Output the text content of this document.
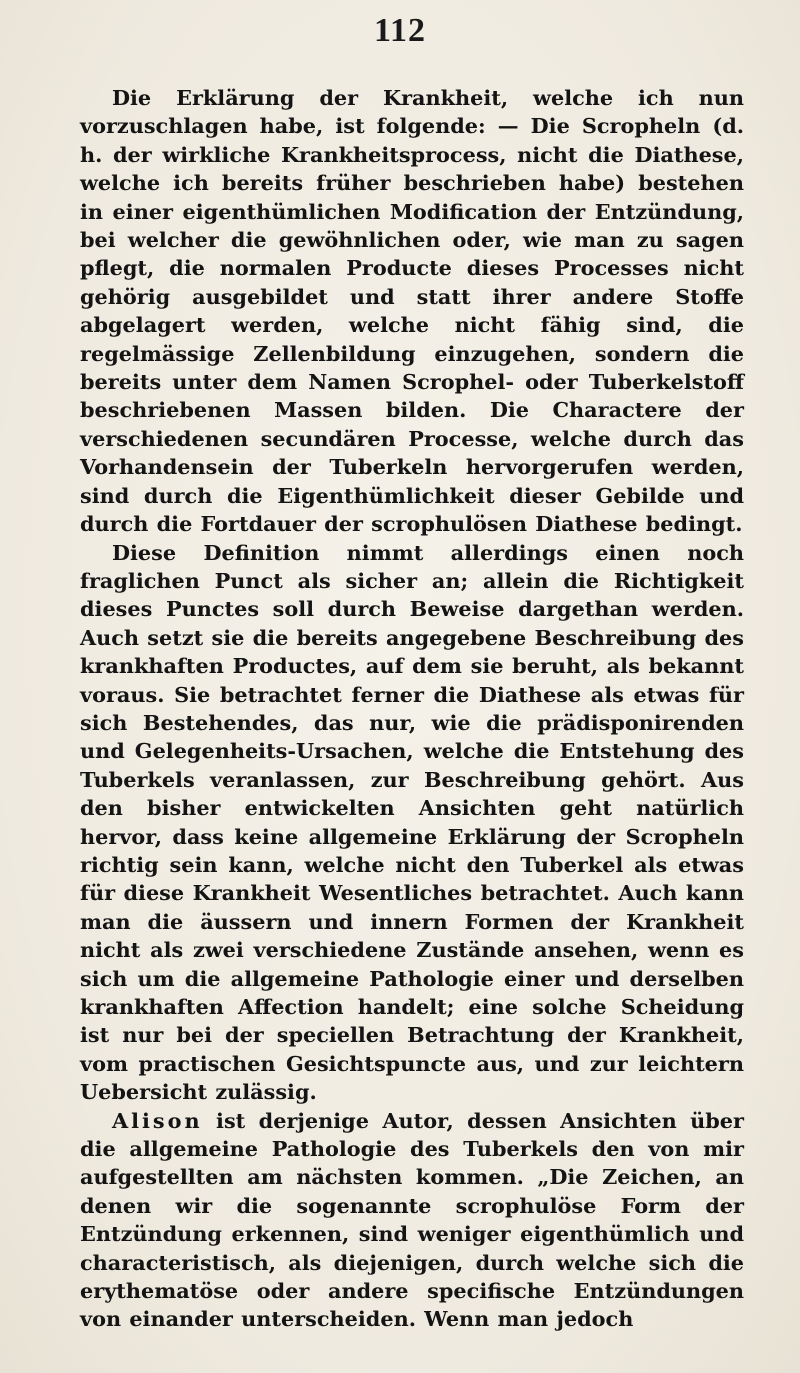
112

Die Erklärung der Krankheit, welche ich nun vorzuschlagen habe, ist folgende: — Die Scropheln (d. h. der wirkliche Krankheitsprocess, nicht die Diathese, welche ich bereits früher beschrieben habe) bestehen in einer eigenthümlichen Modification der Entzündung, bei welcher die gewöhnlichen oder, wie man zu sagen pflegt, die normalen Producte dieses Processes nicht gehörig ausgebildet und statt ihrer andere Stoffe abgelagert werden, welche nicht fähig sind, die regelmässige Zellenbildung einzugehen, sondern die bereits unter dem Namen Scrophel- oder Tuberkelstoff beschriebenen Massen bilden. Die Charactere der verschiedenen secundären Processe, welche durch das Vorhandensein der Tuberkeln hervorgerufen werden, sind durch die Eigenthümlichkeit dieser Gebilde und durch die Fortdauer der scrophulösen Diathese bedingt.

Diese Definition nimmt allerdings einen noch fraglichen Punct als sicher an; allein die Richtigkeit dieses Punctes soll durch Beweise dargethan werden. Auch setzt sie die bereits angegebene Beschreibung des krankhaften Productes, auf dem sie beruht, als bekannt voraus. Sie betrachtet ferner die Diathese als etwas für sich Bestehendes, das nur, wie die prädisponirenden und Gelegenheits-Ursachen, welche die Entstehung des Tuberkels veranlassen, zur Beschreibung gehört. Aus den bisher entwickelten Ansichten geht natürlich hervor, dass keine allgemeine Erklärung der Scropheln richtig sein kann, welche nicht den Tuberkel als etwas für diese Krankheit Wesentliches betrachtet. Auch kann man die äussern und innern Formen der Krankheit nicht als zwei verschiedene Zustände ansehen, wenn es sich um die allgemeine Pathologie einer und derselben krankhaften Affection handelt; eine solche Scheidung ist nur bei der speciellen Betrachtung der Krankheit, vom practischen Gesichtspuncte aus, und zur leichtern Uebersicht zulässig.

Alison ist derjenige Autor, dessen Ansichten über die allgemeine Pathologie des Tuberkels den von mir aufgestellten am nächsten kommen. „Die Zeichen, an denen wir die sogenannte scrophulöse Form der Entzündung erkennen, sind weniger eigenthümlich und characteristisch, als diejenigen, durch welche sich die erythematöse oder andere specifische Entzündungen von einander unterscheiden. Wenn man jedoch
